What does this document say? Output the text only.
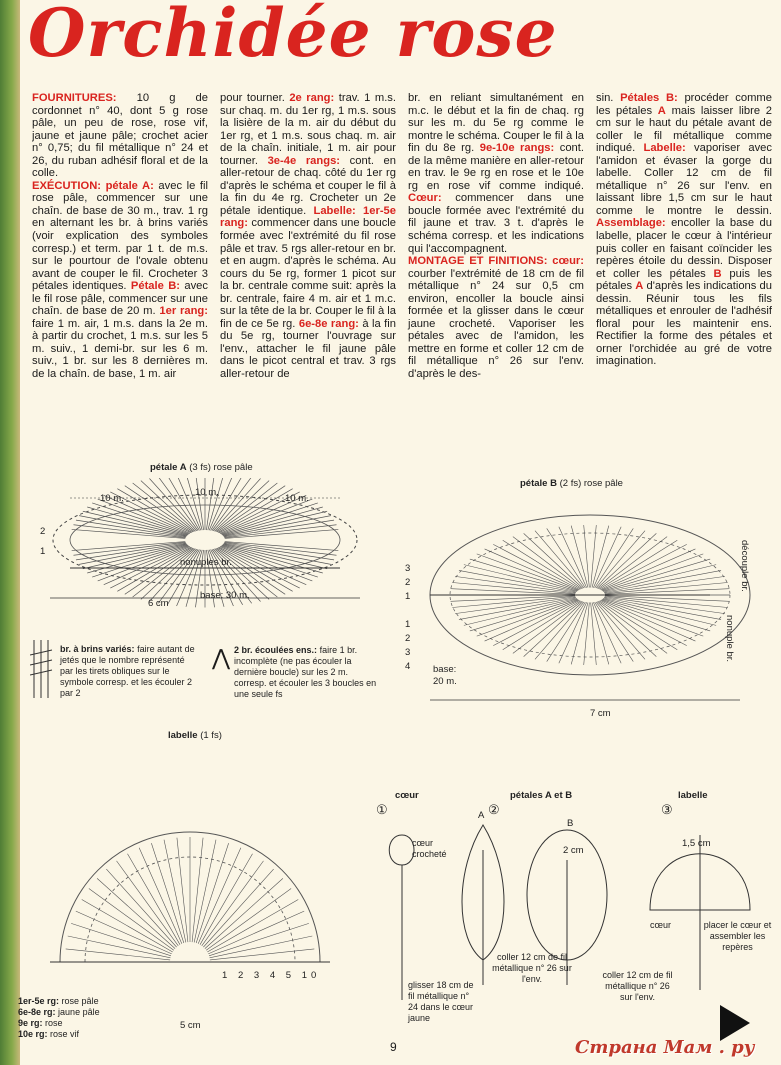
Orchidée rose

FOURNITURES: 10 g de cordonnet n° 40, dont 5 g rose pâle, un peu de rose, rose vif, jaune et jaune pâle; crochet acier n° 0,75; du fil métallique n° 24 et 26, du ruban adhésif floral et de la colle.
EXÉCUTION: pétale A: avec le fil rose pâle, commencer sur une chaîn. de base de 30 m., trav. 1 rg en alternant les br. à brins variés (voir explication des symboles corresp.) et term. par 1 t. de m.s. sur le pourtour de l'ovale obtenu avant de couper le fil. Crocheter 3 pétales identiques. Pétale B: avec le fil rose pâle, commencer sur une chaîn. de base de 20 m. 1er rang: faire 1 m. air, 1 m.s. dans la 2e m. à partir du crochet, 1 m.s. sur les 5 m. suiv., 1 demi-br. sur les 6 m. suiv., 1 br. sur les 8 dernières m. de la chaîn. de base, 1 m. air

pour tourner. 2e rang: trav. 1 m.s. sur chaq. m. du 1er rg, 1 m.s. sous la lisière de la m. air du début du 1er rg, et 1 m.s. sous chaq. m. air de la chaîn. initiale, 1 m. air pour tourner. 3e-4e rangs: cont. en aller-retour de chaq. côté du 1er rg d'après le schéma et couper le fil à la fin du 4e rg. Crocheter un 2e pétale identique. Labelle: 1er-5e rang: commencer dans une boucle formée avec l'extrémité du fil rose pâle et trav. 5 rgs aller-retour en br. et en augm. d'après le schéma. Au cours du 5e rg, former 1 picot sur la br. centrale comme suit: après la br. centrale, faire 4 m. air et 1 m.c. sur la tête de la br. Couper le fil à la fin de ce 5e rg. 6e-8e rang: à la fin du 5e rg, tourner l'ouvrage sur l'env., attacher le fil jaune pâle dans le picot central et trav. 3 rgs aller-retour de

br. en reliant simultanément en m.c. le début et la fin de chaq. rg sur les m. du 5e rg comme le montre le schéma. Couper le fil à la fin du 8e rg. 9e-10e rangs: cont. de la même manière en aller-retour en trav. le 9e rg en rose et le 10e rg en rose vif comme indiqué. Cœur: commencer dans une boucle formée avec l'extrémité du fil jaune et trav. 3 t. d'après le schéma corresp. et les indications qui l'accompagnent.
MONTAGE ET FINITIONS: cœur: courber l'extrémité de 18 cm de fil métallique n° 24 sur 0,5 cm environ, encoller la boucle ainsi formée et la glisser dans le cœur jaune crocheté. Vaporiser les pétales avec de l'amidon, les mettre en forme et coller 12 cm de fil métallique n° 26 sur l'env. d'après le des-

sin. Pétales B: procéder comme les pétales A mais laisser libre 2 cm sur le haut du pétale avant de coller le fil métallique comme indiqué. Labelle: vaporiser avec l'amidon et évaser la gorge du labelle. Coller 12 cm de fil métallique n° 26 sur l'env. en laissant libre 1,5 cm sur le haut comme le montre le dessin. Assemblage: encoller la base du labelle, placer le cœur à l'intérieur puis coller en faisant coïncider les repères étoile du dessin. Disposer et coller les pétales B puis les pétales A d'après les indications du dessin. Réunir tous les fils métalliques et enrouler de l'adhésif floral pour les maintenir ens. Rectifier la forme des pétales et orner l'orchidée au gré de votre imagination.

pétale A (3 fs) rose pâle
10 m.
10 m.
10 m.
2
1
nonuples br.
base: 30 m.
6 cm
pétale B (2 fs) rose pâle
3
2
1

1
2
3
4 base:
20 m.
7 cm
découple br.
nonuple br.
br. à brins variés: faire autant de jetés que le nombre représenté par les tirets obliques sur le symbole corresp. et les écouler 2 par 2
⋀ 2 br. écoulées ens.: faire 1 br. incomplète (ne pas écouler la dernière boucle) sur les 2 m. corresp. et écouler les 3 boucles en une seule fs
labelle (1 fs)
1 2 3 4 5 10
5 cm
1er-5e rg: rose pâle
6e-8e rg: jaune pâle
9e rg: rose
10e rg: rose vif
cœur
①
cœur crocheté
glisser 18 cm de fil métallique n° 24 dans le cœur jaune
pétales A et B
②
A
B
2 cm
coller 12 cm de fil métallique n° 26 sur l'env.
labelle
③
1,5 cm
cœur	placer le cœur et assembler les repères
coller 12 cm de fil métallique n° 26 sur l'env.
9	Страна Мам . ру
